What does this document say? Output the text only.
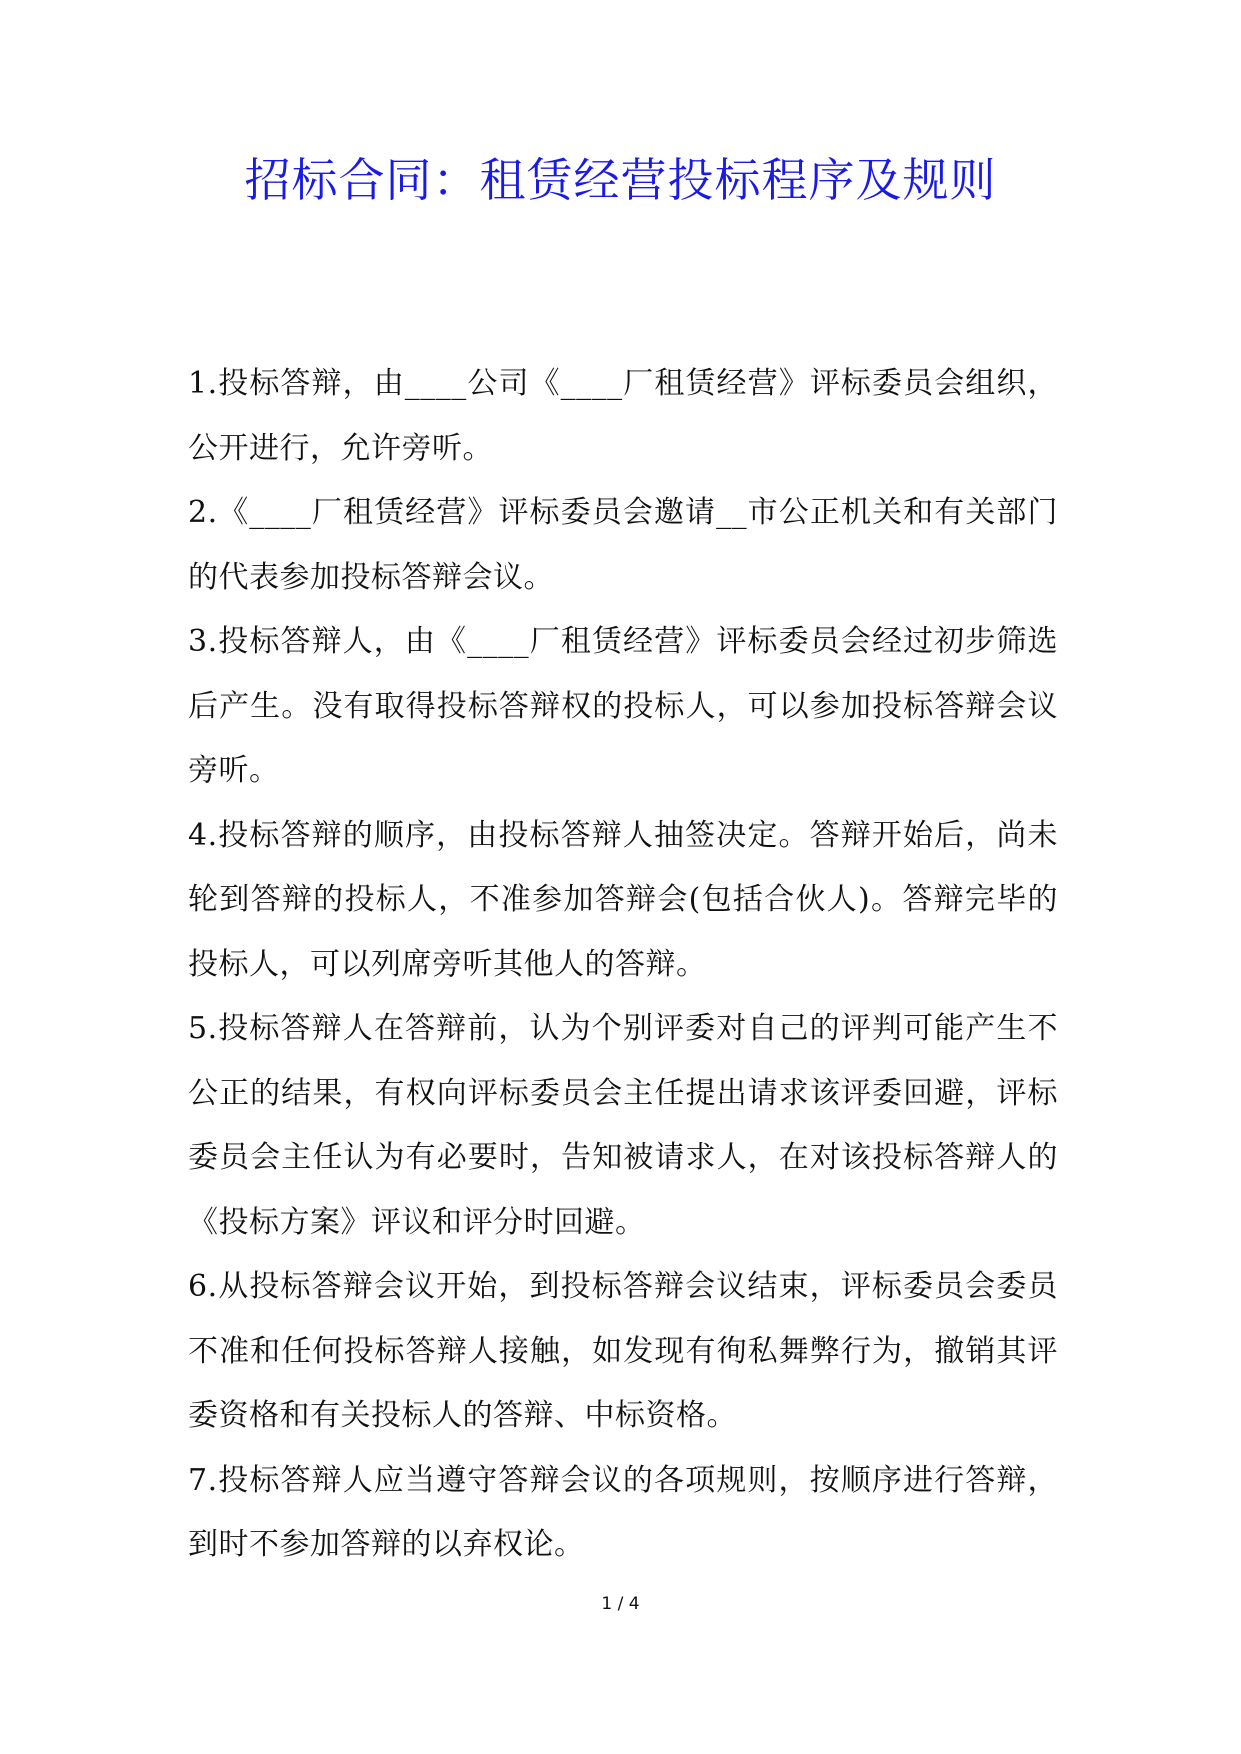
招标合同：租赁经营投标程序及规则

1.投标答辩，由____公司《____厂租赁经营》评标委员会组织，公开进行，允许旁听。

2.《____厂租赁经营》评标委员会邀请__市公正机关和有关部门的代表参加投标答辩会议。

3.投标答辩人，由《____厂租赁经营》评标委员会经过初步筛选后产生。没有取得投标答辩权的投标人，可以参加投标答辩会议旁听。

4.投标答辩的顺序，由投标答辩人抽签决定。答辩开始后，尚未轮到答辩的投标人，不准参加答辩会(包括合伙人)。答辩完毕的投标人，可以列席旁听其他人的答辩。

5.投标答辩人在答辩前，认为个别评委对自己的评判可能产生不公正的结果，有权向评标委员会主任提出请求该评委回避，评标委员会主任认为有必要时，告知被请求人，在对该投标答辩人的《投标方案》评议和评分时回避。

6.从投标答辩会议开始，到投标答辩会议结束，评标委员会委员不准和任何投标答辩人接触，如发现有徇私舞弊行为，撤销其评委资格和有关投标人的答辩、中标资格。

7.投标答辩人应当遵守答辩会议的各项规则，按顺序进行答辩，到时不参加答辩的以弃权论。

1 / 4
